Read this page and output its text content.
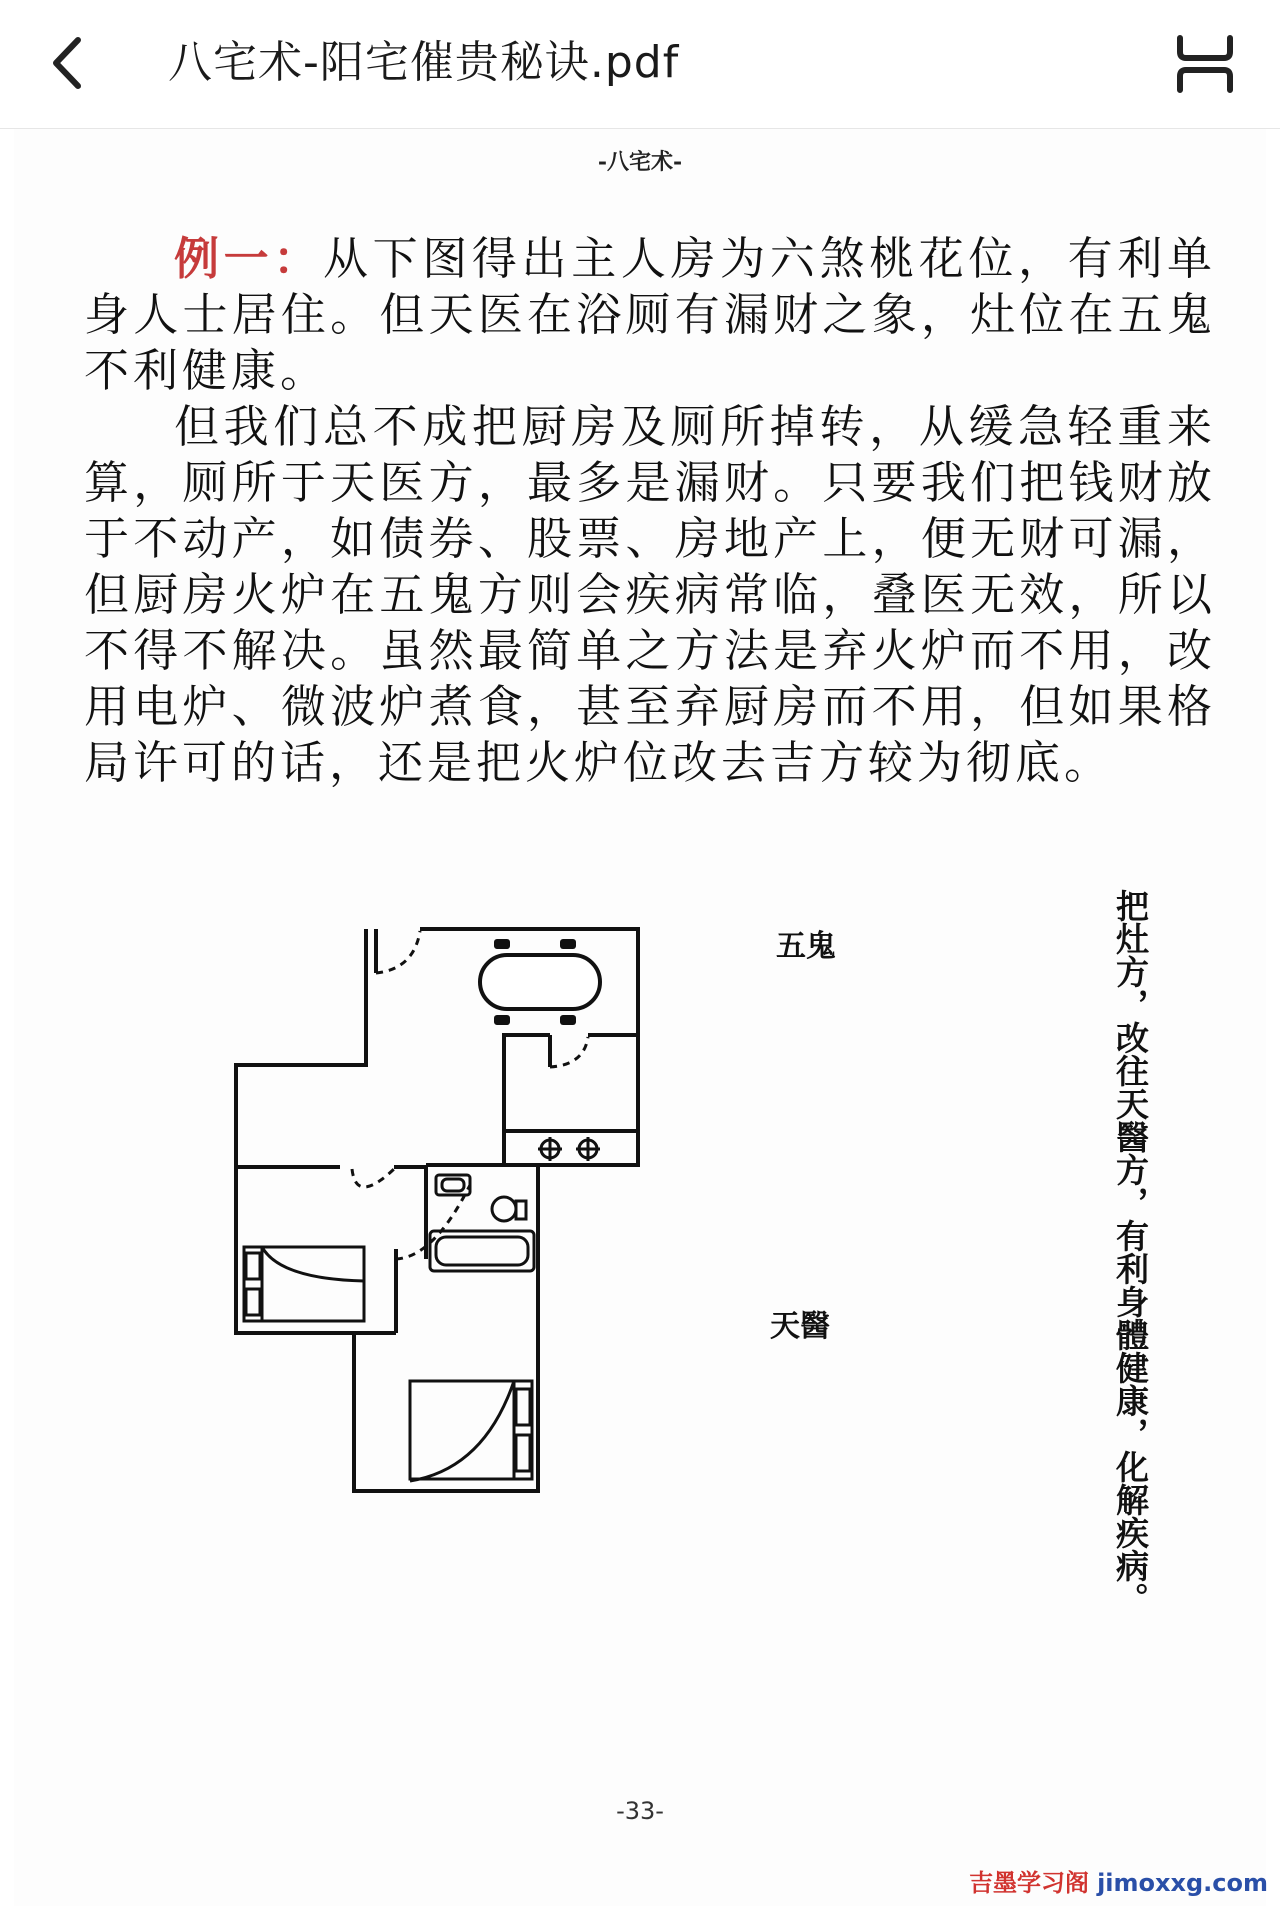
八宅术-阳宅催贵秘诀.pdf
-八宅术-

例一：从下图得出主人房为六煞桃花位，有利单身人士居住。但天医在浴厕有漏财之象，灶位在五鬼不利健康。

但我们总不成把厨房及厕所掉转，从缓急轻重来算，厕所于天医方，最多是漏财。只要我们把钱财放于不动产，如债券、股票、房地产上，便无财可漏，但厨房火炉在五鬼方则会疾病常临，叠医无效，所以不得不解决。虽然最简单之方法是弃火炉而不用，改用电炉、微波炉煮食，甚至弃厨房而不用，但如果格局许可的话，还是把火炉位改去吉方较为彻底。

五鬼
天醫	把灶方，改往天醫方，有利身體健康，化解疾病。
-33-
吉墨学习阁 jimoxxg.com
